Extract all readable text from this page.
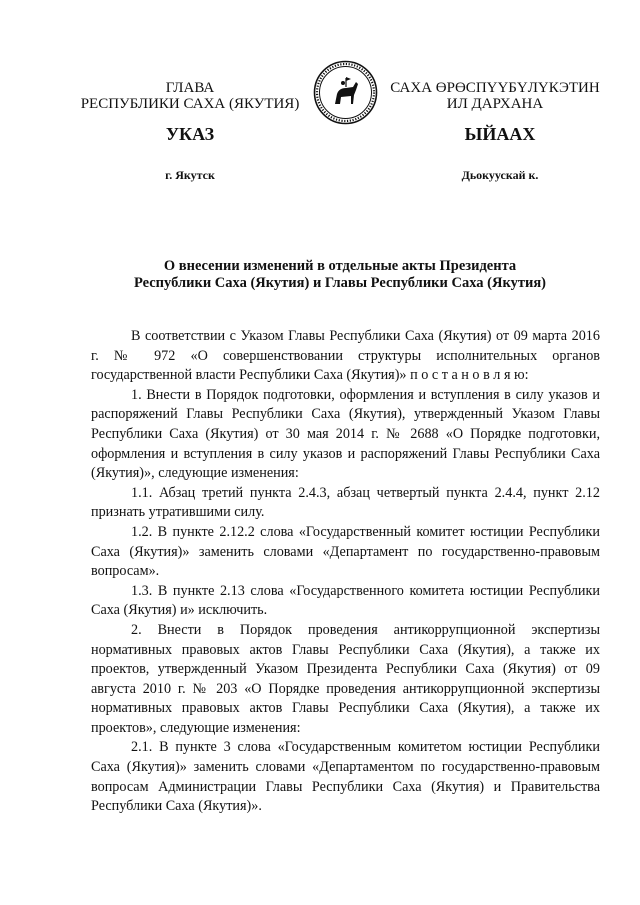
ГЛАВА
РЕСПУБЛИКИ САХА (ЯКУТИЯ)
САХА ӨРӨСПҮҮБҮЛҮКЭТИН
ИЛ ДАРХАНА
УКАЗ	ЫЙААХ
г. Якутск	Дьокуускай к.
О внесении изменений в отдельные акты Президента
Республики Саха (Якутия) и Главы Республики Саха (Якутия)

В соответствии с Указом Главы Республики Саха (Якутия) от 09 марта 2016 г. № 972 «О совершенствовании структуры исполнительных органов государственной власти Республики Саха (Якутия)» п о с т а н о в л я ю:

1. Внести в Порядок подготовки, оформления и вступления в силу указов и распоряжений Главы Республики Саха (Якутия), утвержденный Указом Главы Республики Саха (Якутия) от 30 мая 2014 г. № 2688 «О Порядке подготовки, оформления и вступления в силу указов и распоряжений Главы Республики Саха (Якутия)», следующие изменения:

1.1. Абзац третий пункта 2.4.3, абзац четвертый пункта 2.4.4, пункт 2.12 признать утратившими силу.

1.2. В пункте 2.12.2 слова «Государственный комитет юстиции Республики Саха (Якутия)» заменить словами «Департамент по государственно-правовым вопросам».

1.3. В пункте 2.13 слова «Государственного комитета юстиции Республики Саха (Якутия) и» исключить.

2. Внести в Порядок проведения антикоррупционной экспертизы нормативных правовых актов Главы Республики Саха (Якутия), а также их проектов, утвержденный Указом Президента Республики Саха (Якутия) от 09 августа 2010 г. № 203 «О Порядке проведения антикоррупционной экспертизы нормативных правовых актов Главы Республики Саха (Якутия), а также их проектов», следующие изменения:

2.1. В пункте 3 слова «Государственным комитетом юстиции Республики Саха (Якутия)» заменить словами «Департаментом по государственно-правовым вопросам Администрации Главы Республики Саха (Якутия) и Правительства Республики Саха (Якутия)».
